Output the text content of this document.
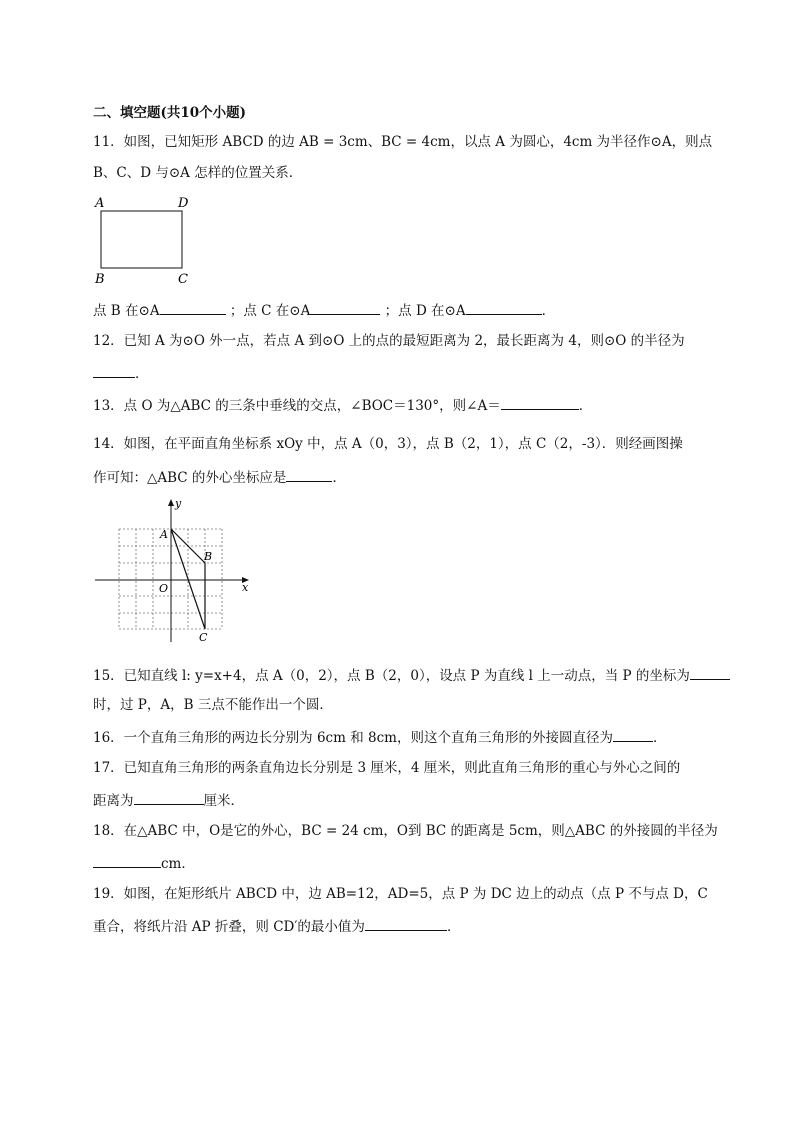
二、填空题(共10个小题)
11．如图，已知矩形 ABCD 的边 AB = 3cm、BC = 4cm，以点 A 为圆心，4cm 为半径作⊙A，则点
B、C、D 与⊙A 怎样的位置关系．
A	D
B	C
点 B 在⊙A	；点 C 在⊙A	；点 D 在⊙A	．
12．已知 A 为⊙O 外一点，若点 A 到⊙O 上的点的最短距离为 2，最长距离为 4，则⊙O 的半径为
．
13．点 O 为△ABC 的三条中垂线的交点，∠BOC＝130°，则∠A＝	．
14．如图，在平面直角坐标系 xOy 中，点 A（0，3），点 B（2，1），点 C（2，-3）．则经画图操
作可知：△ABC 的外心坐标应是	．
y
x
O
A
B
C
15．已知直线 l: y=x+4，点 A（0，2），点 B（2，0），设点 P 为直线 l 上一动点，当 P 的坐标为
时，过 P，A，B 三点不能作出一个圆．
16．一个直角三角形的两边长分别为 6cm 和 8cm，则这个直角三角形的外接圆直径为	．
17．已知直角三角形的两条直角边长分别是 3 厘米，4 厘米，则此直角三角形的重心与外心之间的
距离为	厘米．
18．在△ABC 中，O是它的外心，BC = 24 cm，O到 BC 的距离是 5cm，则△ABC 的外接圆的半径为
cm．
19．如图，在矩形纸片 ABCD 中，边 AB=12，AD=5，点 P 为 DC 边上的动点（点 P 不与点 D，C
重合，将纸片沿 AP 折叠，则 CD′的最小值为	．
